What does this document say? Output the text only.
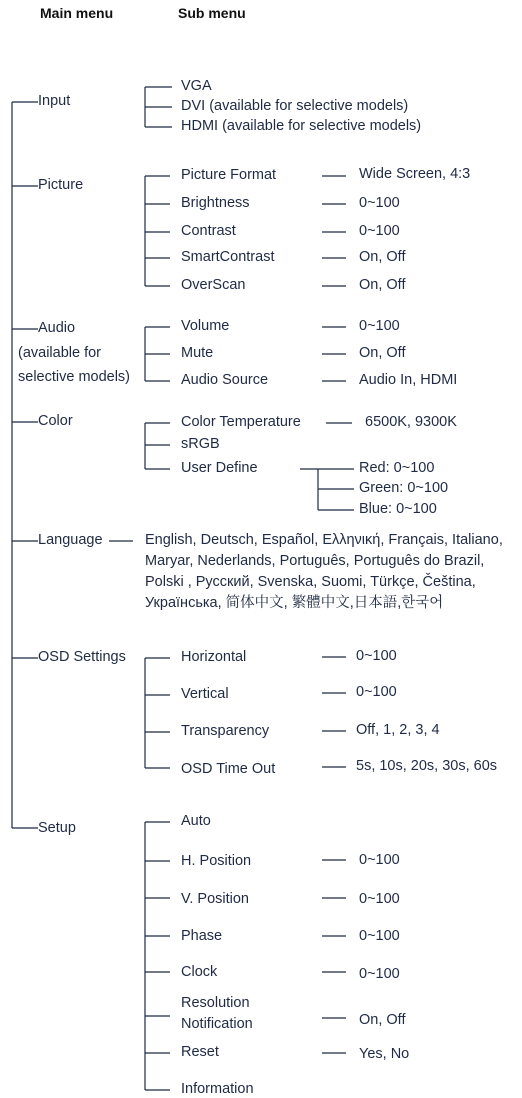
Main menu	Sub menu
Input
VGA
DVI (available for selective models)
HDMI (available for selective models)
Picture
Picture Format	Wide Screen, 4:3
Brightness	0~100
Contrast	0~100
SmartContrast	On, Off
OverScan	On, Off
Audio
(available for
selective models)
Volume	0~100
Mute	On, Off
Audio Source	Audio In, HDMI
Color	Color Temperature	6500K, 9300K
sRGB
User Define	Red: 0~100
Green: 0~100
Blue: 0~100
Language	English, Deutsch, Español, Ελληνική, Français, Italiano,
Maryar, Nederlands, Português, Português do Brazil,
Polski , Русский, Svenska, Suomi, Türkçe, Čeština,
Українська, 简体中文, 繁體中文,日本語,한국어
OSD Settings	Horizontal	0~100
Vertical	0~100
Transparency	Off, 1, 2, 3, 4
OSD Time Out	5s, 10s, 20s, 30s, 60s
Setup	Auto
H. Position	0~100
V. Position	0~100
Phase	0~100
Clock	0~100
Resolution
Notification	On, Off
Reset	Yes, No
Information
